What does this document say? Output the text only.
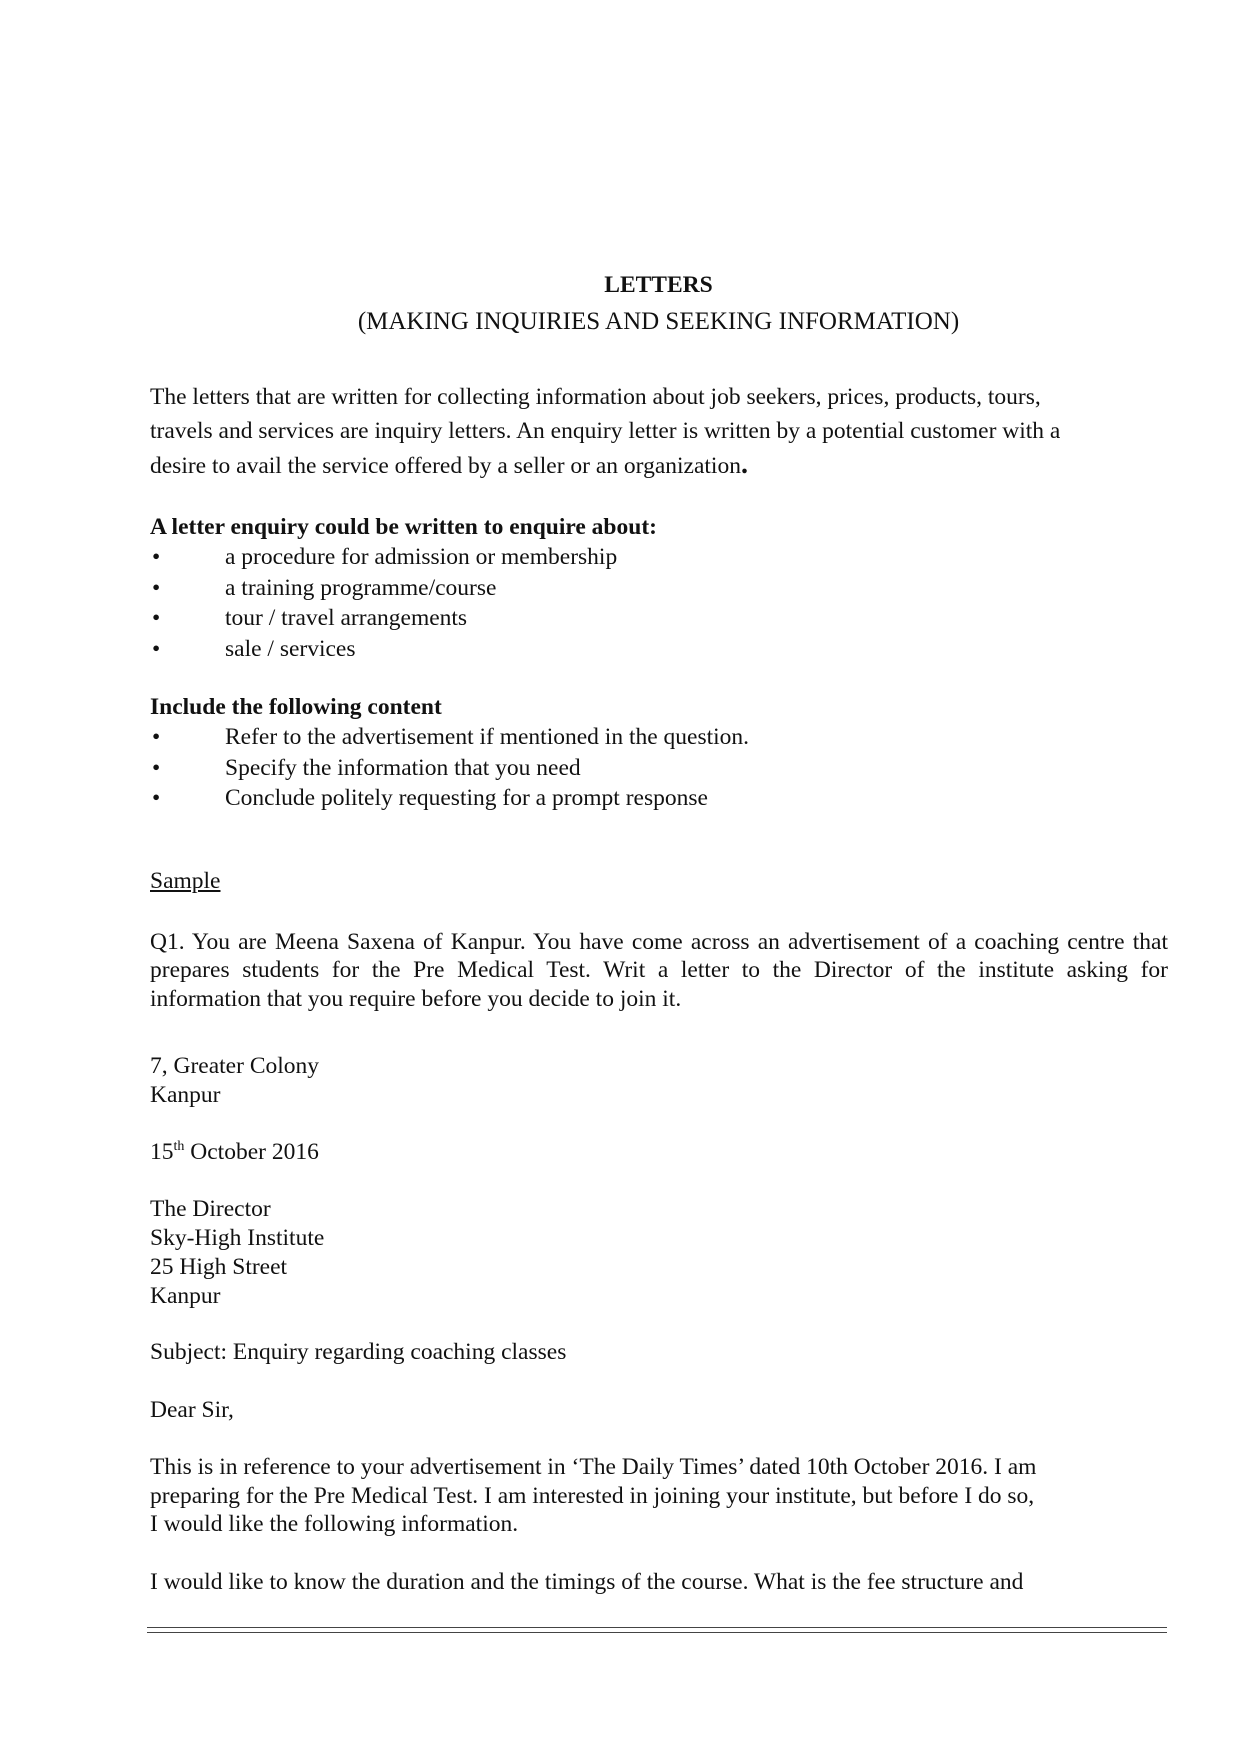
LETTERS
(MAKING INQUIRIES AND SEEKING INFORMATION)
The letters that are written for collecting information about job seekers, prices, products, tours,
travels and services are inquiry letters. An enquiry letter is written by a potential customer with a
desire to avail the service offered by a seller or an organization.
A letter enquiry could be written to enquire about:
•	a procedure for admission or membership
•	a training programme/course
•	tour / travel arrangements
•	sale / services
Include the following content
•	Refer to the advertisement if mentioned in the question.
•	Specify the information that you need
•	Conclude politely requesting for a prompt response
Sample
Q1. You are Meena Saxena of Kanpur. You have come across an advertisement of a coaching centre that prepares students for the Pre Medical Test. Writ a letter to the Director of the institute asking for information that you require before you decide to join it.
7, Greater Colony
Kanpur
15th October 2016
The Director
Sky-High Institute
25 High Street
Kanpur
Subject: Enquiry regarding coaching classes
Dear Sir,
This is in reference to your advertisement in ‘The Daily Times’ dated 10th October 2016. I am
preparing for the Pre Medical Test. I am interested in joining your institute, but before I do so,
I would like the following information.
I would like to know the duration and the timings of the course. What is the fee structure and
